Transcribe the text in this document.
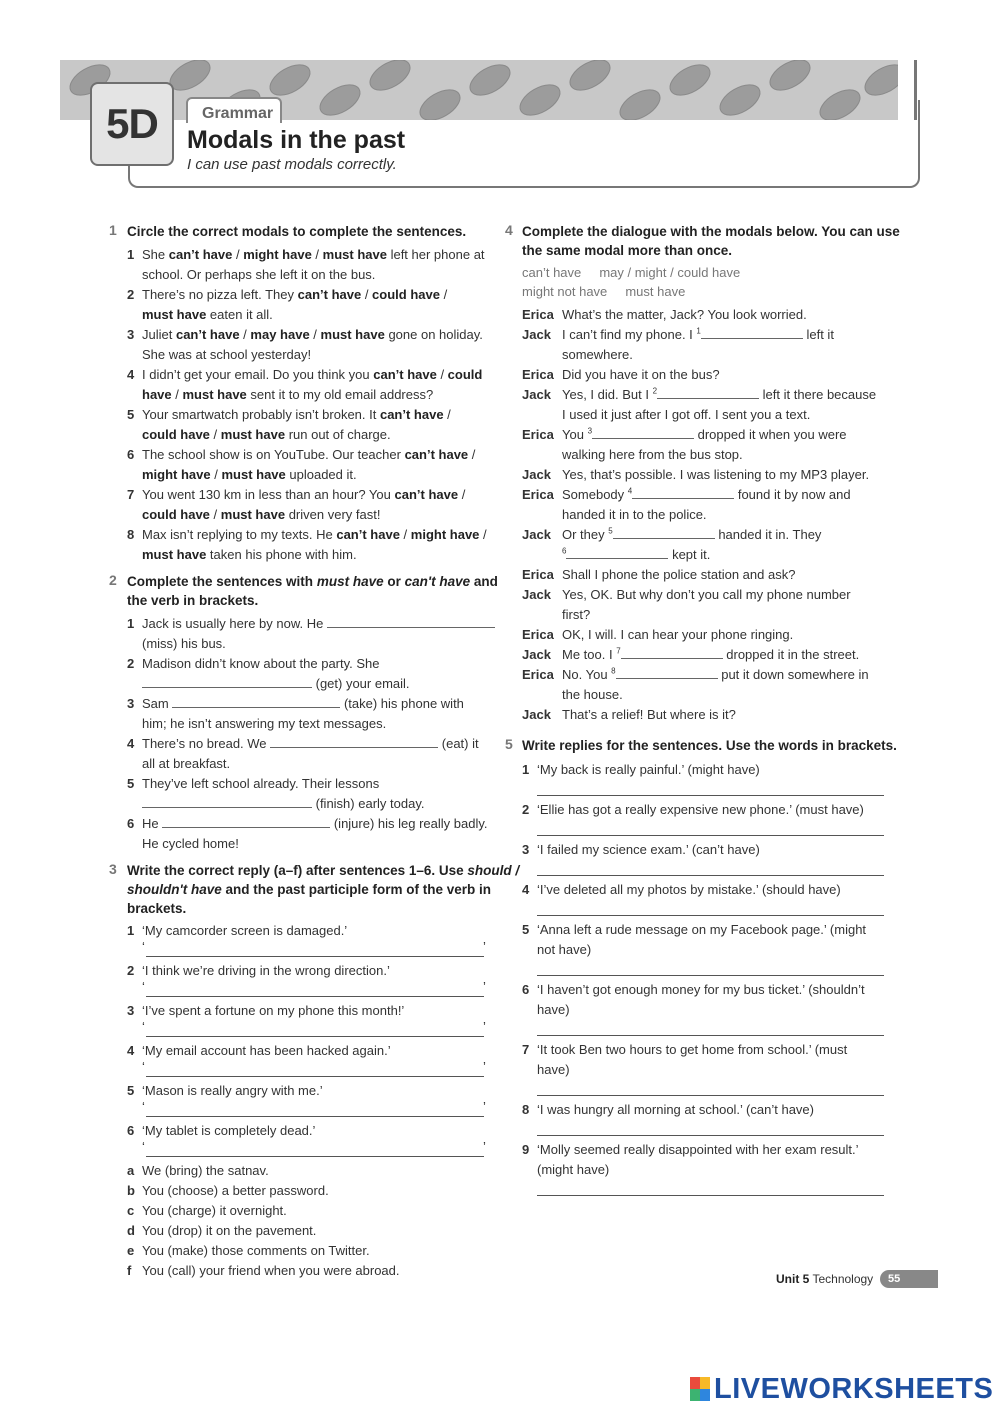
5D	Grammar
Modals in the past
I can use past modals correctly.
1 Circle the correct modals to complete the sentences.
1 She can’t have / might have / must have left her phone at
school. Or perhaps she left it on the bus.
2 There’s no pizza left. They can’t have / could have /
must have eaten it all.
3 Juliet can’t have / may have / must have gone on holiday.
She was at school yesterday!
4 I didn’t get your email. Do you think you can’t have / could
have / must have sent it to my old email address?
5 Your smartwatch probably isn’t broken. It can’t have /
could have / must have run out of charge.
6 The school show is on YouTube. Our teacher can’t have /
might have / must have uploaded it.
7 You went 130 km in less than an hour? You can’t have /
could have / must have driven very fast!
8 Max isn’t replying to my texts. He can’t have / might have /
must have taken his phone with him.
2 Complete the sentences with must have or can't have and
the verb in brackets.
1 Jack is usually here by now. He
(miss) his bus.
2 Madison didn’t know about the party. She
(get) your email.
3 Sam	(take) his phone with
him; he isn’t answering my text messages.
4 There’s no bread. We	(eat) it
all at breakfast.
5 They’ve left school already. Their lessons
(finish) early today.
6 He	(injure) his leg really badly.
He cycled home!
3 Write the correct reply (a–f) after sentences 1–6. Use should /
shouldn't have and the past participle form of the verb in
brackets.
1 ‘My camcorder screen is damaged.’
‘	’
2 ‘I think we’re driving in the wrong direction.’
‘	’
3 ‘I’ve spent a fortune on my phone this month!’
‘	’
4 ‘My email account has been hacked again.’
‘	’
5 ‘Mason is really angry with me.’
‘	’
6 ‘My tablet is completely dead.’
‘	’
a We (bring) the satnav.
b You (choose) a better password.
c You (charge) it overnight.
d You (drop) it on the pavement.
e You (make) those comments on Twitter.
f You (call) your friend when you were abroad.
4 Complete the dialogue with the modals below. You can use
the same modal more than once.
can’t have     may / might / could have
might not have     must have
Erica What’s the matter, Jack? You look worried.
Jack I can’t find my phone. I $^1$	left it
somewhere.
Erica Did you have it on the bus?
Jack Yes, I did. But I $^2$	left it there because
I used it just after I got off. I sent you a text.
Erica You $^3$	dropped it when you were
walking here from the bus stop.
Jack Yes, that’s possible. I was listening to my MP3 player.
Erica Somebody $^4$	found it by now and
handed it in to the police.
Jack Or they $^5$	handed it in. They
$^6$	kept it.
Erica Shall I phone the police station and ask?
Jack Yes, OK. But why don’t you call my phone number
first?
Erica OK, I will. I can hear your phone ringing.
Jack Me too. I $^7$	dropped it in the street.
Erica No. You $^8$	put it down somewhere in
the house.
Jack That’s a relief! But where is it?
5 Write replies for the sentences. Use the words in brackets.
1 ‘My back is really painful.’ (might have)
2 ‘Ellie has got a really expensive new phone.’ (must have)
3 ‘I failed my science exam.’ (can’t have)
4 ‘I’ve deleted all my photos by mistake.’ (should have)
5 ‘Anna left a rude message on my Facebook page.’ (might
not have)
6 ‘I haven’t got enough money for my bus ticket.’ (shouldn’t
have)
7 ‘It took Ben two hours to get home from school.’ (must
have)
8 ‘I was hungry all morning at school.’ (can’t have)
9 ‘Molly seemed really disappointed with her exam result.’
(might have)
Unit 5 Technology	55
LIVEWORKSHEETS
